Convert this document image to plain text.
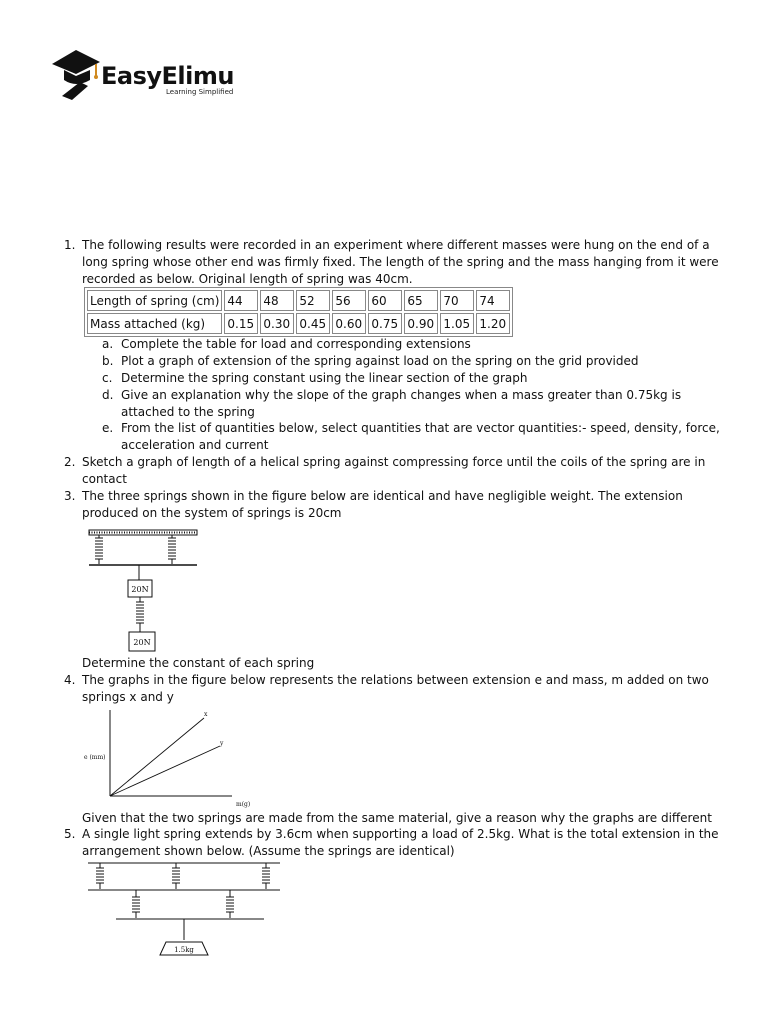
EasyElimu
Learning Simplified
1. The following results were recorded in an experiment where different masses were hung on the end of a long spring whose other end was firmly fixed. The length of the spring and the mass hanging from it were recorded as below. Original length of spring was 40cm.
Length of spring (cm)	44	48	52	56	60	65	70	74
Mass attached (kg)	0.15	0.30	0.45	0.60	0.75	0.90	1.05	1.20
a. Complete the table for load and corresponding extensions
b. Plot a graph of extension of the spring against load on the spring on the grid provided
c. Determine the spring constant using the linear section of the graph
d. Give an explanation why the slope of the graph changes when a mass greater than 0.75kg is attached to the spring
e. From the list of quantities below, select quantities that are vector quantities:- speed, density, force, acceleration and current
2. Sketch a graph of length of a helical spring against compressing force until the coils of the spring are in contact
3. The three springs shown in the figure below are identical and have negligible weight. The extension produced on the system of springs is 20cm
20N
20N
Determine the constant of each spring
4. The graphs in the figure below represents the relations between extension e and mass, m added on two springs x and y
x
y
e (mm)
m(g)
Given that the two springs are made from the same material, give a reason why the graphs are different
5. A single light spring extends by 3.6cm when supporting a load of 2.5kg. What is the total extension in the arrangement shown below. (Assume the springs are identical)
1.5kg
